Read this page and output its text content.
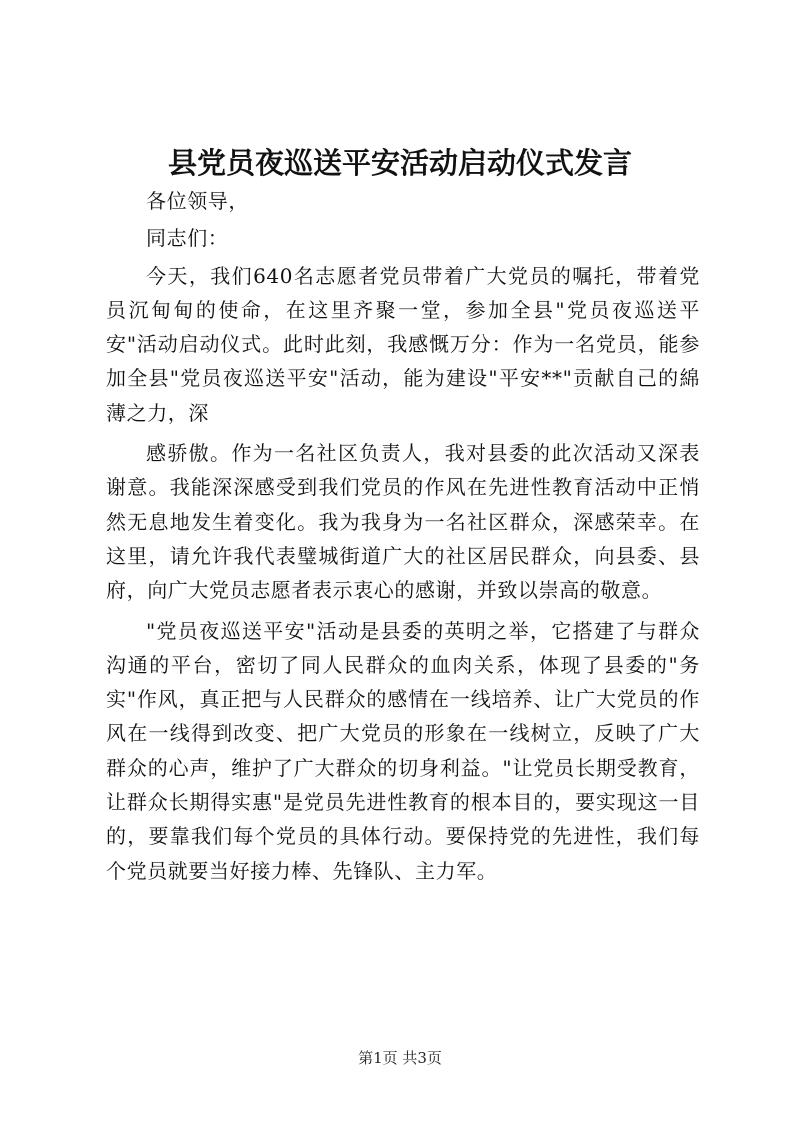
县党员夜巡送平安活动启动仪式发言

各位领导，

同志们：

今天，我们640名志愿者党员带着广大党员的嘱托，带着党员沉甸甸的使命，在这里齐聚一堂，参加全县"党员夜巡送平安"活动启动仪式。此时此刻，我感慨万分：作为一名党员，能参加全县"党员夜巡送平安"活动，能为建设"平安**"贡献自己的綿薄之力，深

感骄傲。作为一名社区负责人，我对县委的此次活动又深表谢意。我能深深感受到我们党员的作风在先进性教育活动中正悄然无息地发生着变化。我为我身为一名社区群众，深感荣幸。在这里，请允许我代表璧城街道广大的社区居民群众，向县委、县府，向广大党员志愿者表示衷心的感谢，并致以崇高的敬意。

"党员夜巡送平安"活动是县委的英明之举，它搭建了与群众沟通的平台，密切了同人民群众的血肉关系，体现了县委的"务实"作风，真正把与人民群众的感情在一线培养、让广大党员的作风在一线得到改变、把广大党员的形象在一线树立，反映了广大群众的心声，维护了广大群众的切身利益。"让党员长期受教育，让群众长期得实惠"是党员先进性教育的根本目的，要实现这一目的，要靠我们每个党员的具体行动。要保持党的先进性，我们每个党员就要当好接力棒、先锋队、主力军。

第1页 共3页
